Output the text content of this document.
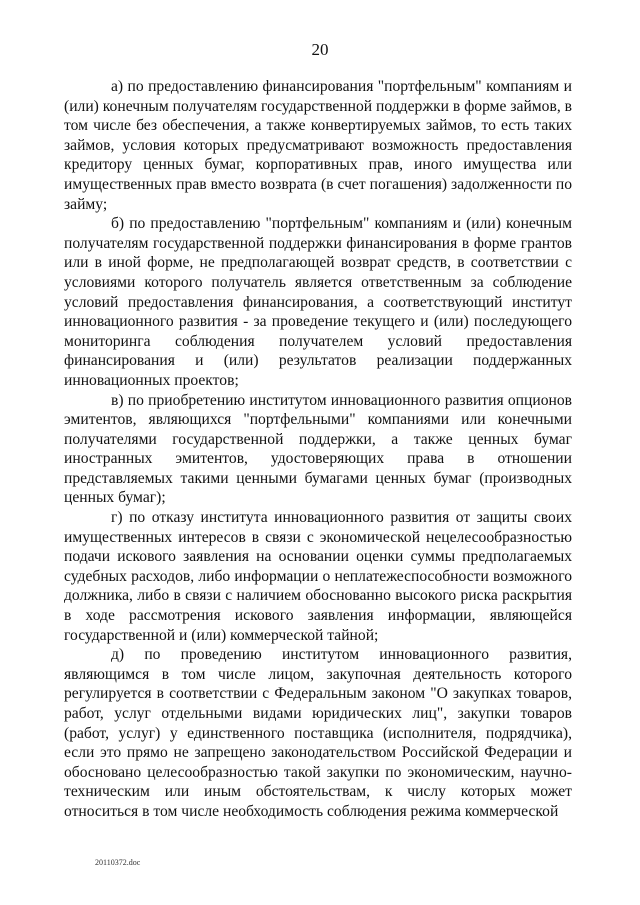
20

а) по предоставлению финансирования "портфельным" компаниям и (или) конечным получателям государственной поддержки в форме займов, в том числе без обеспечения, а также конвертируемых займов, то есть таких займов, условия которых предусматривают возможность предоставления кредитору ценных бумаг, корпоративных прав, иного имущества или имущественных прав вместо возврата (в счет погашения) задолженности по займу;

б) по предоставлению "портфельным" компаниям и (или) конечным получателям государственной поддержки финансирования в форме грантов или в иной форме, не предполагающей возврат средств, в соответствии с условиями которого получатель является ответственным за соблюдение условий предоставления финансирования, а соответствующий институт инновационного развития - за проведение текущего и (или) последующего мониторинга соблюдения получателем условий предоставления финансирования и (или) результатов реализации поддержанных инновационных проектов;

в) по приобретению институтом инновационного развития опционов эмитентов, являющихся "портфельными" компаниями или конечными получателями государственной поддержки, а также ценных бумаг иностранных эмитентов, удостоверяющих права в отношении представляемых такими ценными бумагами ценных бумаг (производных ценных бумаг);

г) по отказу института инновационного развития от защиты своих имущественных интересов в связи с экономической нецелесообразностью подачи искового заявления на основании оценки суммы предполагаемых судебных расходов, либо информации о неплатежеспособности возможного должника, либо в связи с наличием обоснованно высокого риска раскрытия в ходе рассмотрения искового заявления информации, являющейся государственной и (или) коммерческой тайной;

д) по проведению институтом инновационного развития, являющимся в том числе лицом, закупочная деятельность которого регулируется в соответствии с Федеральным законом "О закупках товаров, работ, услуг отдельными видами юридических лиц", закупки товаров (работ, услуг) у единственного поставщика (исполнителя, подрядчика), если это прямо не запрещено законодательством Российской Федерации и обосновано целесообразностью такой закупки по экономическим, научно-техническим или иным обстоятельствам, к числу которых может относиться в том числе необходимость соблюдения режима коммерческой

20110372.doc
